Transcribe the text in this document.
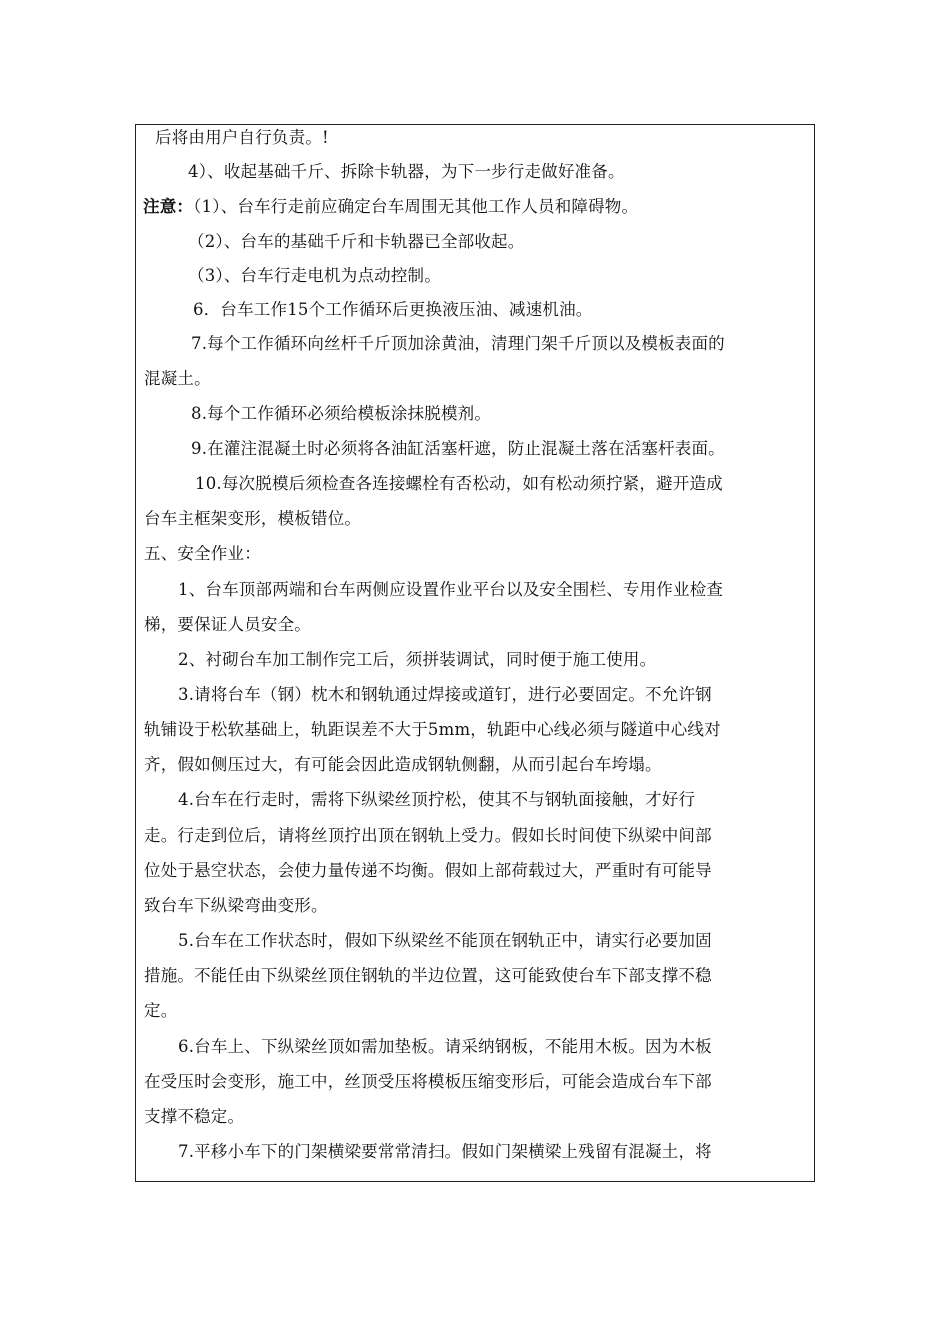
后将由用户自行负责。!
4）、收起基础千斤、拆除卡轨器，为下一步行走做好准备。
注意：（1）、台车行走前应确定台车周围无其他工作人员和障碍物。
（2）、台车的基础千斤和卡轨器已全部收起。
（3）、台车行走电机为点动控制。
6．台车工作15个工作循环后更换液压油、减速机油。
7.每个工作循环向丝杆千斤顶加涂黄油，清理门架千斤顶以及模板表面的
混凝土。
8.每个工作循环必须给模板涂抹脱模剂。
9.在灌注混凝土时必须将各油缸活塞杆遮，防止混凝土落在活塞杆表面。
10.每次脱模后须检查各连接螺栓有否松动，如有松动须拧紧，避开造成
台车主框架变形，模板错位。
五、安全作业：
1、台车顶部两端和台车两侧应设置作业平台以及安全围栏、专用作业检查
梯，要保证人员安全。
2、衬砌台车加工制作完工后，须拼装调试，同时便于施工使用。
3.请将台车（钢）枕木和钢轨通过焊接或道钉，进行必要固定。不允许钢
轨铺设于松软基础上，轨距误差不大于5mm，轨距中心线必须与隧道中心线对
齐，假如侧压过大，有可能会因此造成钢轨侧翻，从而引起台车垮塌。
4.台车在行走时，需将下纵梁丝顶拧松，使其不与钢轨面接触，才好行
走。行走到位后，请将丝顶拧出顶在钢轨上受力。假如长时间使下纵梁中间部
位处于悬空状态，会使力量传递不均衡。假如上部荷载过大，严重时有可能导
致台车下纵梁弯曲变形。
5.台车在工作状态时，假如下纵梁丝不能顶在钢轨正中，请实行必要加固
措施。不能任由下纵梁丝顶住钢轨的半边位置，这可能致使台车下部支撑不稳
定。
6.台车上、下纵梁丝顶如需加垫板。请采纳钢板，不能用木板。因为木板
在受压时会变形，施工中，丝顶受压将模板压缩变形后，可能会造成台车下部
支撑不稳定。
7.平移小车下的门架横梁要常常清扫。假如门架横梁上残留有混凝土，将
